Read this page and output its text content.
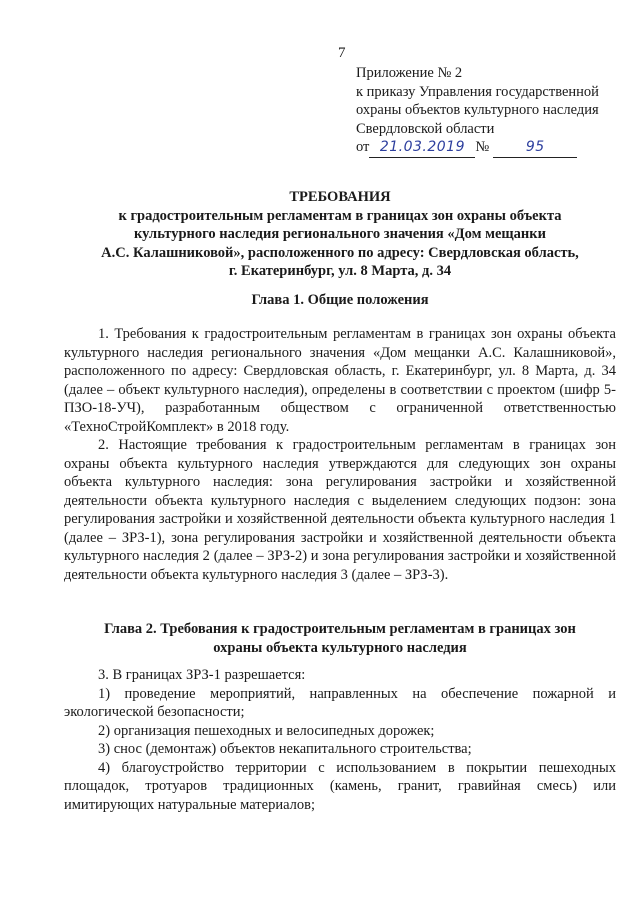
7
Приложение № 2
к приказу Управления государственной
охраны объектов культурного наследия
Свердловской области
от 21.03.2019 №	95
ТРЕБОВАНИЯ
к градостроительным регламентам в границах зон охраны объекта
культурного наследия регионального значения «Дом мещанки
А.С. Калашниковой», расположенного по адресу: Свердловская область,
г. Екатеринбург, ул. 8 Марта, д. 34
Глава 1. Общие положения

1. Требования к градостроительным регламентам в границах зон охраны объекта культурного наследия регионального значения «Дом мещанки А.С. Калашниковой», расположенного по адресу: Свердловская область, г. Екатеринбург, ул. 8 Марта, д. 34 (далее – объект культурного наследия), определены в соответствии с проектом (шифр 5-ПЗО-18-УЧ), разработанным обществом с ограниченной ответственностью «ТехноСтройКомплект» в 2018 году.

2. Настоящие требования к градостроительным регламентам в границах зон охраны объекта культурного наследия утверждаются для следующих зон охраны объекта культурного наследия: зона регулирования застройки и хозяйственной деятельности объекта культурного наследия с выделением следующих подзон: зона регулирования застройки и хозяйственной деятельности объекта культурного наследия 1 (далее – ЗРЗ-1), зона регулирования застройки и хозяйственной деятельности объекта культурного наследия 2 (далее – ЗРЗ-2) и зона регулирования застройки и хозяйственной деятельности объекта культурного наследия 3 (далее – ЗРЗ-3).

Глава 2. Требования к градостроительным регламентам в границах зон
охраны объекта культурного наследия

3. В границах ЗРЗ-1 разрешается:

1) проведение мероприятий, направленных на обеспечение пожарной и экологической безопасности;

2) организация пешеходных и велосипедных дорожек;

3) снос (демонтаж) объектов некапитального строительства;

4) благоустройство территории с использованием в покрытии пешеходных площадок, тротуаров традиционных (камень, гранит, гравийная смесь) или имитирующих натуральные материалов;
